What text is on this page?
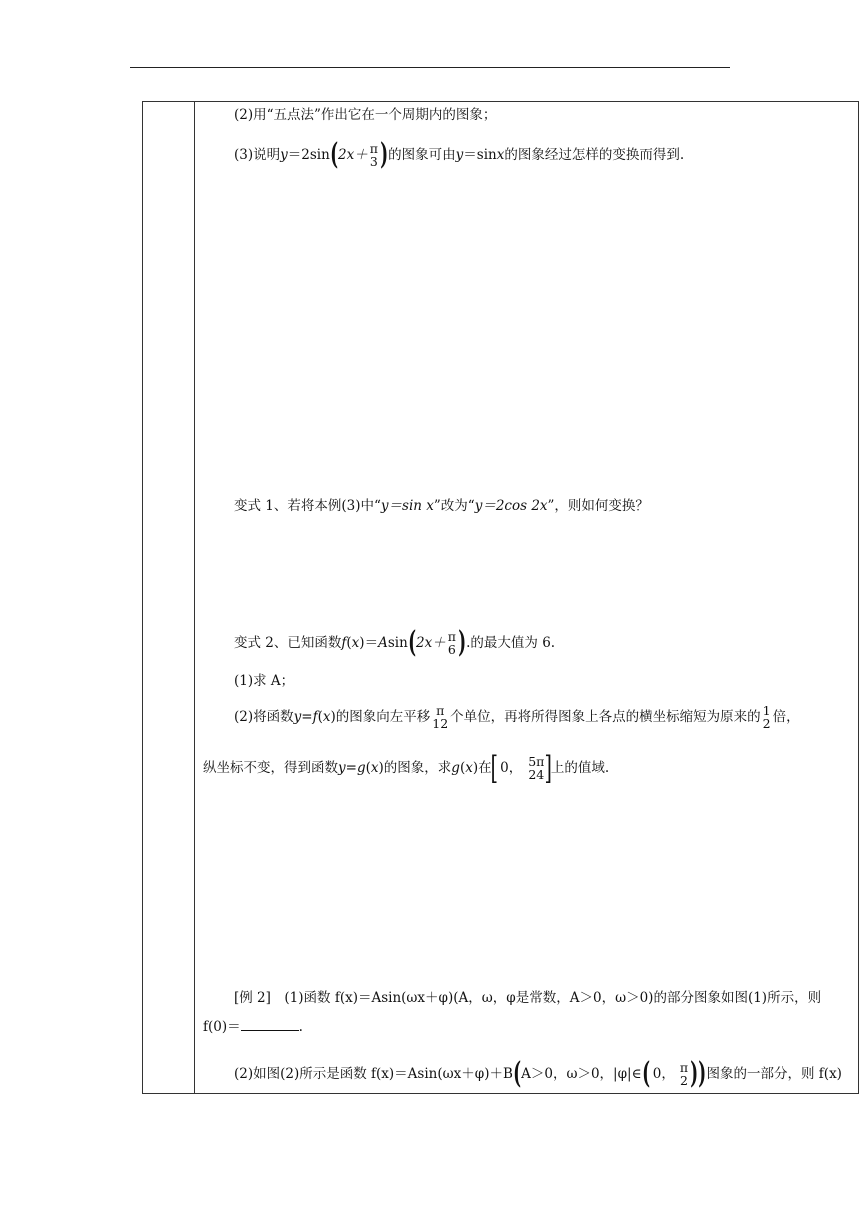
(2)用“五点法”作出它在一个周期内的图象；
(3)说明y＝2sin(2x＋ π
3 )的图象可由y＝sinx的图象经过怎样的变换而得到.
变式 1、若将本例(3)中“y＝sin x”改为“y＝2cos 2x”，则如何变换？
变式 2、已知函数f(x)＝Asin(2x＋ π
6 ).的最大值为 6.
(1)求 A；
(2)将函数y=f(x)的图象向左平移 π
12 个单位，再将所得图象上各点的横坐标缩短为原来的 1
2 倍，
纵坐标不变，得到函数y=g(x)的图象，求g(x)在[ 0， 5π
24 ]上的值域.
[例 2]　(1)函数 f(x)＝Asin(ωx＋φ)(A，ω，φ是常数，A＞0，ω＞0)的部分图象如图(1)所示，则
f(0)＝	.
(2)如图(2)所示是函数 f(x)＝Asin(ωx＋φ)＋B(A＞0，ω＞0，|φ|∈( 0， π
2 ))图象的一部分，则 f(x)
